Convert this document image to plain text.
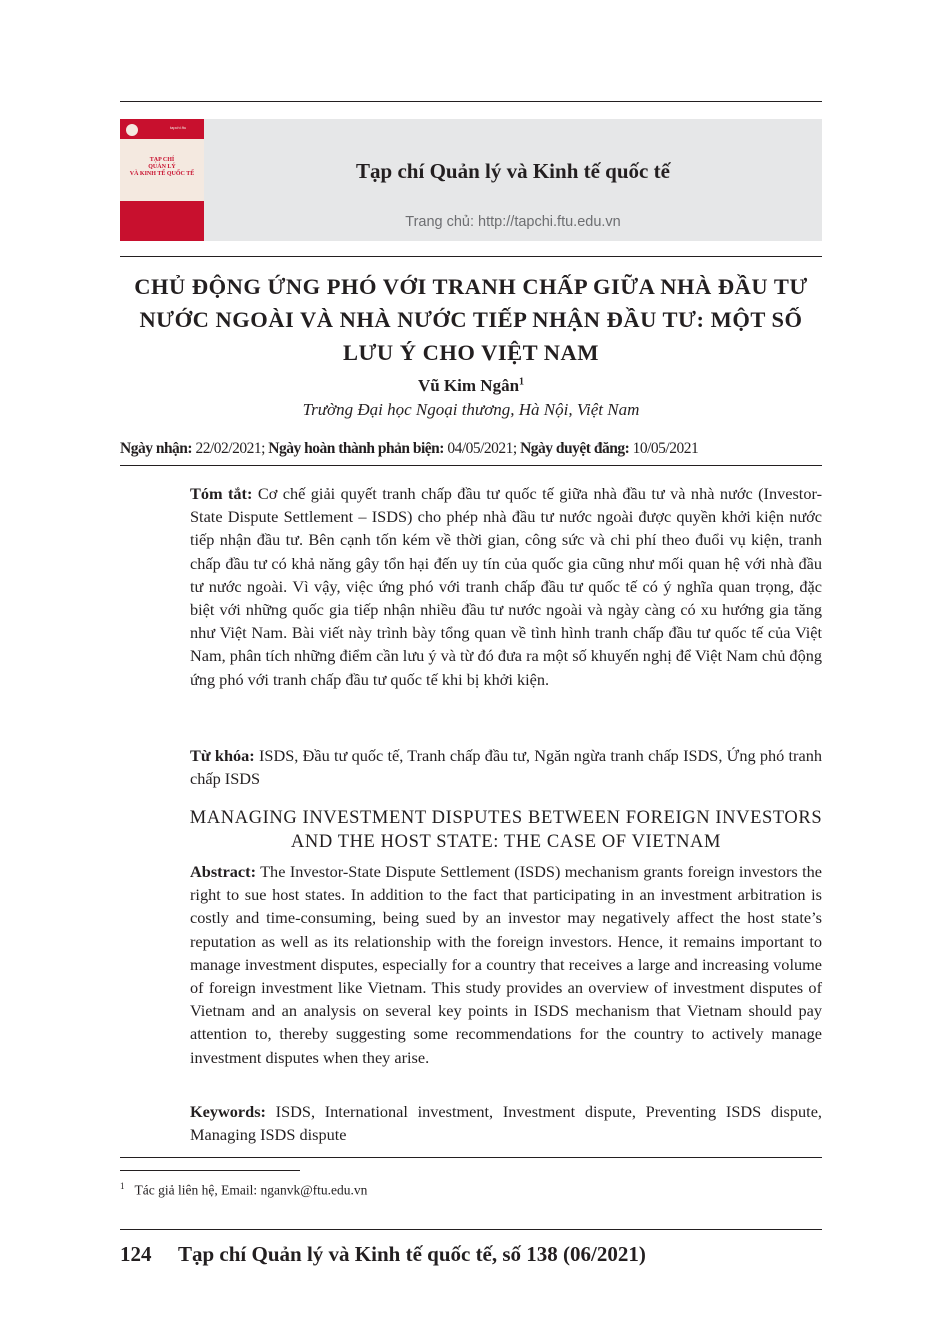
tapchi.ftu
TẠP CHÍ
QUẢN LÝ
VÀ KINH TẾ QUỐC TẾ	Tạp chí Quản lý và Kinh tế quốc tế
Trang chủ: http://tapchi.ftu.edu.vn
CHỦ ĐỘNG ỨNG PHÓ VỚI TRANH CHẤP GIỮA NHÀ ĐẦU TƯ NƯỚC NGOÀI VÀ NHÀ NƯỚC TIẾP NHẬN ĐẦU TƯ: MỘT SỐ LƯU Ý CHO VIỆT NAM
Vũ Kim Ngân$^1$
Trường Đại học Ngoại thương, Hà Nội, Việt Nam
Ngày nhận: 22/02/2021; Ngày hoàn thành phản biện: 04/05/2021; Ngày duyệt đăng: 10/05/2021
Tóm tắt: Cơ chế giải quyết tranh chấp đầu tư quốc tế giữa nhà đầu tư và nhà nước (Investor-State Dispute Settlement – ISDS) cho phép nhà đầu tư nước ngoài được quyền khởi kiện nước tiếp nhận đầu tư. Bên cạnh tốn kém về thời gian, công sức và chi phí theo đuổi vụ kiện, tranh chấp đầu tư có khả năng gây tổn hại đến uy tín của quốc gia cũng như mối quan hệ với nhà đầu tư nước ngoài. Vì vậy, việc ứng phó với tranh chấp đầu tư quốc tế có ý nghĩa quan trọng, đặc biệt với những quốc gia tiếp nhận nhiều đầu tư nước ngoài và ngày càng có xu hướng gia tăng như Việt Nam. Bài viết này trình bày tổng quan về tình hình tranh chấp đầu tư quốc tế của Việt Nam, phân tích những điểm cần lưu ý và từ đó đưa ra một số khuyến nghị để Việt Nam chủ động ứng phó với tranh chấp đầu tư quốc tế khi bị khởi kiện.
Từ khóa: ISDS, Đầu tư quốc tế, Tranh chấp đầu tư, Ngăn ngừa tranh chấp ISDS, Ứng phó tranh chấp ISDS
MANAGING INVESTMENT DISPUTES BETWEEN FOREIGN INVESTORS AND THE HOST STATE: THE CASE OF VIETNAM
Abstract: The Investor-State Dispute Settlement (ISDS) mechanism grants foreign investors the right to sue host states. In addition to the fact that participating in an investment arbitration is costly and time-consuming, being sued by an investor may negatively affect the host state’s reputation as well as its relationship with the foreign investors. Hence, it remains important to manage investment disputes, especially for a country that receives a large and increasing volume of foreign investment like Vietnam. This study provides an overview of investment disputes of Vietnam and an analysis on several key points in ISDS mechanism that Vietnam should pay attention to, thereby suggesting some recommendations for the country to actively manage investment disputes when they arise.
Keywords: ISDS, International investment, Investment dispute, Preventing ISDS dispute, Managing ISDS dispute
$^1$ Tác giả liên hệ, Email: nganvk@ftu.edu.vn
124 Tạp chí Quản lý và Kinh tế quốc tế, số 138 (06/2021)
